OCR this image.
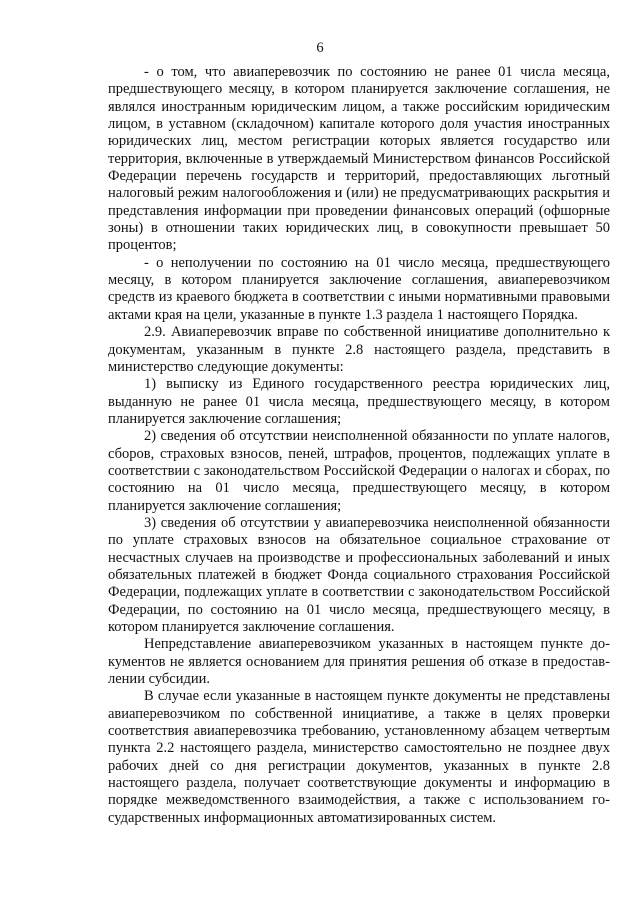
6

- о том, что авиаперевозчик по состоянию не ранее 01 числа месяца, предшествующего месяцу, в котором планируется заключение соглашения, не являлся иностранным юридическим лицом, а также российским юридическим лицом, в уставном (складочном) капитале которого доля участия иностранных юридических лиц, местом регистрации которых является государство или территория, включенные в утверждаемый Министерством финансов Российской Федерации перечень государств и территорий, предоставляющих льготный налоговый режим налогообложения и (или) не предусматривающих раскрытия и представления информации при проведении финансовых операций (офшорные зоны) в отношении таких юридических лиц, в совокупности превышает 50 процентов;

- о неполучении по состоянию на 01 число месяца, предшествующего месяцу, в котором планируется заключение соглашения, авиаперевозчиком средств из краевого бюджета в соответствии с иными нормативными правовыми актами края на цели, указанные в пункте 1.3 раздела 1 настоящего Порядка.

2.9. Авиаперевозчик вправе по собственной инициативе дополнительно к документам, указанным в пункте 2.8 настоящего раздела, представить в министерство следующие документы:

1) выписку из Единого государственного реестра юридических лиц, выданную не ранее 01 числа месяца, предшествующего месяцу, в котором планируется заключение соглашения;

2) сведения об отсутствии неисполненной обязанности по уплате налогов, сборов, страховых взносов, пеней, штрафов, процентов, подлежащих уплате в соответствии с законодательством Российской Федерации о налогах и сборах, по состоянию на 01 число месяца, предшествующего месяцу, в котором планируется заключение соглашения;

3) сведения об отсутствии у авиаперевозчика неисполненной обязанности по уплате страховых взносов на обязательное социальное страхование от несчастных случаев на производстве и профессиональных заболеваний и иных обязательных платежей в бюджет Фонда социального страхования Российской Федерации, подлежащих уплате в соответствии с законодательством Российской Федерации, по состоянию на 01 число месяца, предшествующего месяцу, в котором планируется заключение соглашения.

Непредставление авиаперевозчиком указанных в настоящем пункте документов не является основанием для принятия решения об отказе в предоставлении субсидии.

В случае если указанные в настоящем пункте документы не представлены авиаперевозчиком по собственной инициативе, а также в целях проверки соответствия авиаперевозчика требованию, установленному абзацем четвертым пункта 2.2 настоящего раздела, министерство самостоятельно не позднее двух рабочих дней со дня регистрации документов, указанных в пункте 2.8 настоящего раздела, получает соответствующие документы и информацию в порядке межведомственного взаимодействия, а также с использованием государственных информационных автоматизированных систем.
